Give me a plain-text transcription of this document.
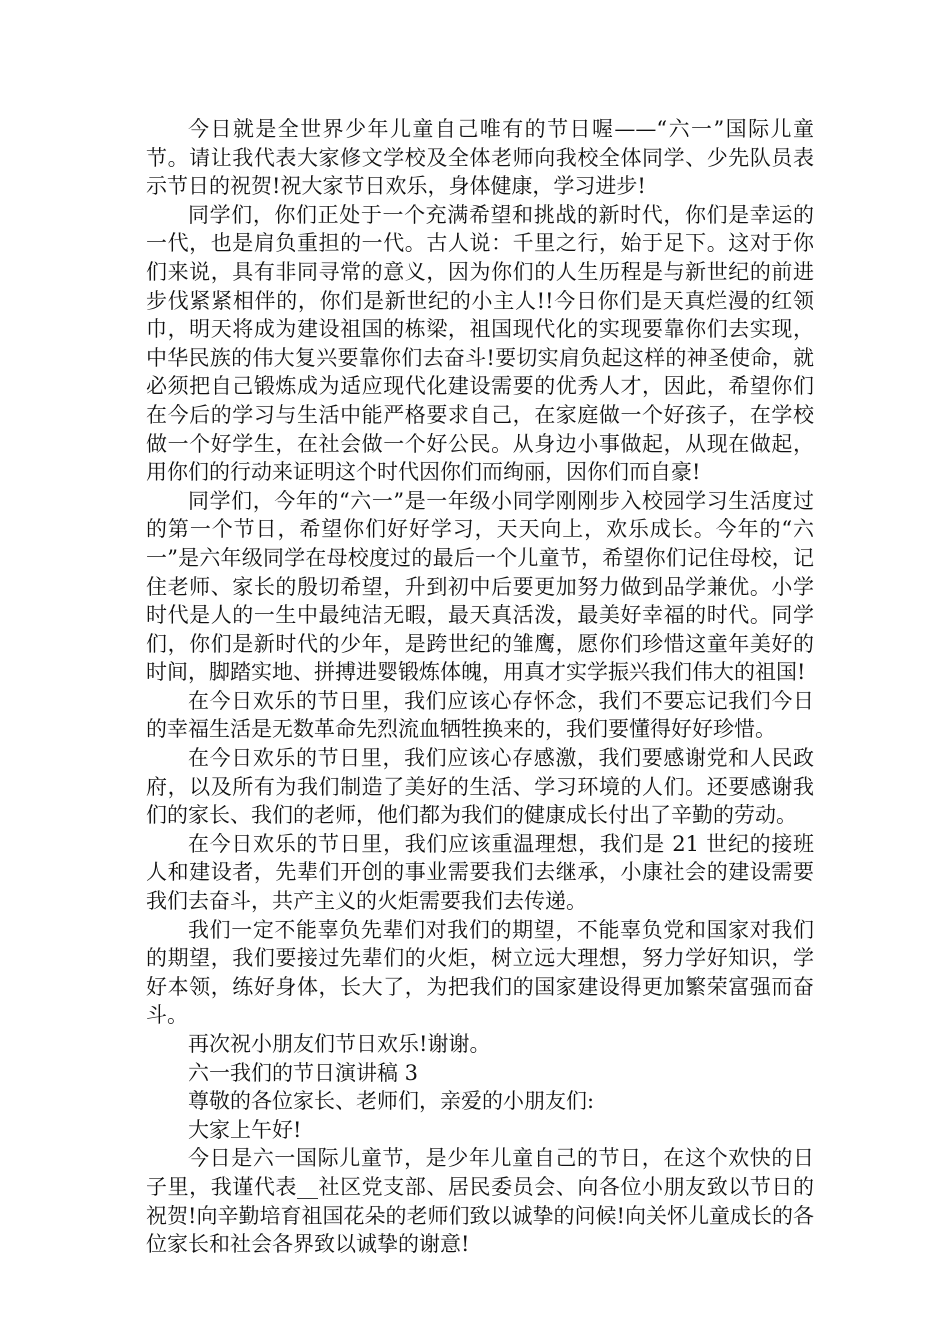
今日就是全世界少年儿童自己唯有的节日喔——“六一”国际儿童节。请让我代表大家修文学校及全体老师向我校全体同学、少先队员表示节日的祝贺!祝大家节日欢乐，身体健康，学习进步!

同学们，你们正处于一个充满希望和挑战的新时代，你们是幸运的一代，也是肩负重担的一代。古人说：千里之行，始于足下。这对于你们来说，具有非同寻常的意义，因为你们的人生历程是与新世纪的前进步伐紧紧相伴的，你们是新世纪的小主人!!今日你们是天真烂漫的红领巾，明天将成为建设祖国的栋梁，祖国现代化的实现要靠你们去实现，中华民族的伟大复兴要靠你们去奋斗!要切实肩负起这样的神圣使命，就必须把自己锻炼成为适应现代化建设需要的优秀人才，因此，希望你们在今后的学习与生活中能严格要求自己，在家庭做一个好孩子，在学校做一个好学生，在社会做一个好公民。从身边小事做起，从现在做起，用你们的行动来证明这个时代因你们而绚丽，因你们而自豪!

同学们，今年的“六一”是一年级小同学刚刚步入校园学习生活度过的第一个节日，希望你们好好学习，天天向上，欢乐成长。今年的“六一”是六年级同学在母校度过的最后一个儿童节，希望你们记住母校，记住老师、家长的殷切希望，升到初中后要更加努力做到品学兼优。小学时代是人的一生中最纯洁无暇，最天真活泼，最美好幸福的时代。同学们，你们是新时代的少年，是跨世纪的雏鹰，愿你们珍惜这童年美好的时间，脚踏实地、拼搏进婴锻炼体魄，用真才实学振兴我们伟大的祖国!

在今日欢乐的节日里，我们应该心存怀念，我们不要忘记我们今日的幸福生活是无数革命先烈流血牺牲换来的，我们要懂得好好珍惜。

在今日欢乐的节日里，我们应该心存感激，我们要感谢党和人民政府，以及所有为我们制造了美好的生活、学习环境的人们。还要感谢我们的家长、我们的老师，他们都为我们的健康成长付出了辛勤的劳动。

在今日欢乐的节日里，我们应该重温理想，我们是 21 世纪的接班人和建设者，先辈们开创的事业需要我们去继承，小康社会的建设需要我们去奋斗，共产主义的火炬需要我们去传递。

我们一定不能辜负先辈们对我们的期望，不能辜负党和国家对我们的期望，我们要接过先辈们的火炬，树立远大理想，努力学好知识，学好本领，练好身体，长大了，为把我们的国家建设得更加繁荣富强而奋斗。

再次祝小朋友们节日欢乐!谢谢。

六一我们的节日演讲稿 3

尊敬的各位家长、老师们，亲爱的小朋友们:

大家上午好!

今日是六一国际儿童节，是少年儿童自己的节日，在这个欢快的日子里，我谨代表__社区党支部、居民委员会、向各位小朋友致以节日的祝贺!向辛勤培育祖国花朵的老师们致以诚挚的问候!向关怀儿童成长的各位家长和社会各界致以诚挚的谢意!
